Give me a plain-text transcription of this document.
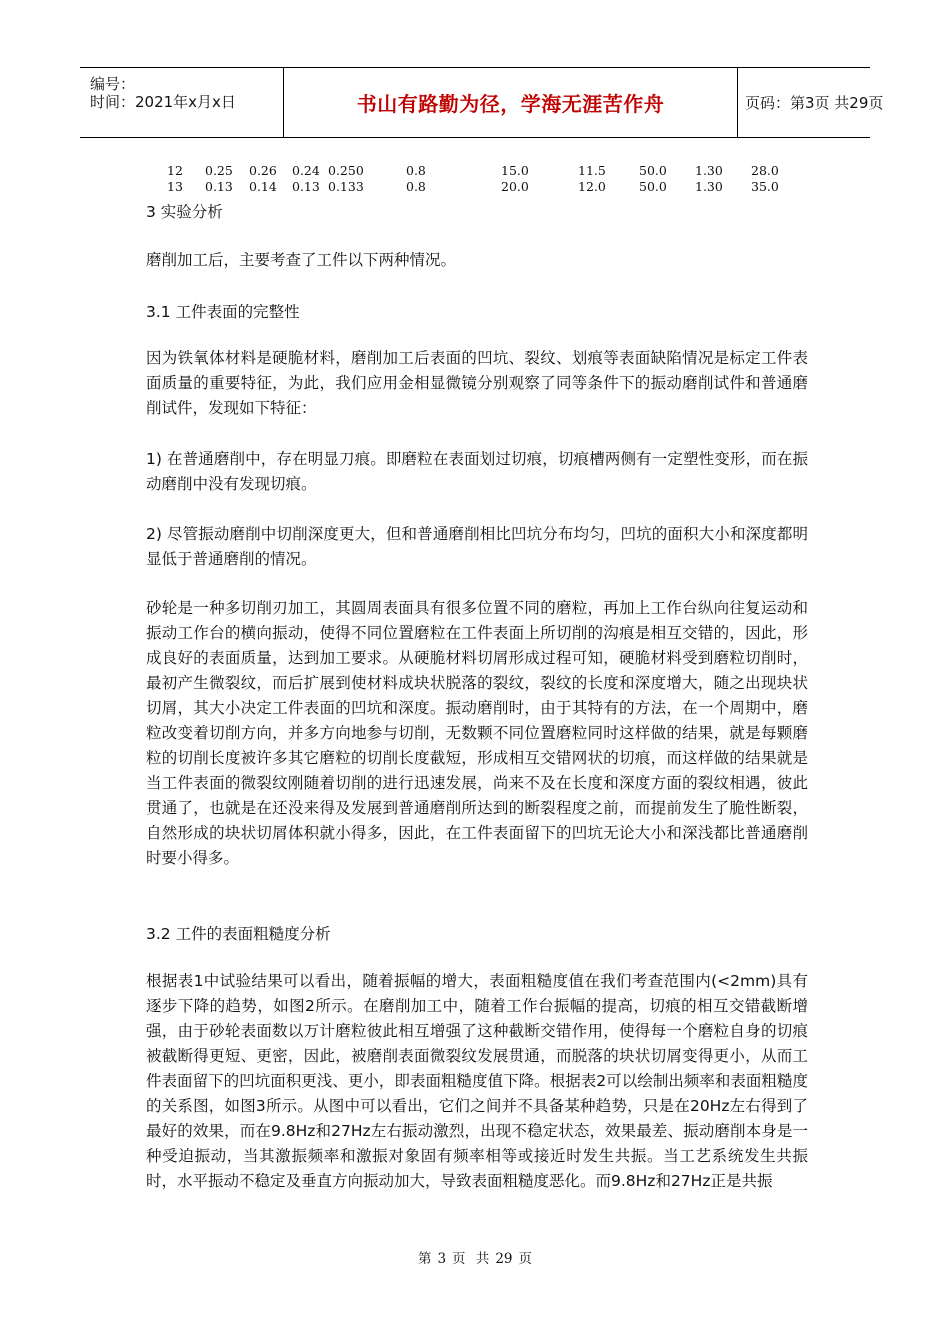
编号：
时间：2021年x月x日	书山有路勤为径，学海无涯苦作舟	页码：第3页 共29页
12 0.25 0.26 0.24 0.250	0.8	15.0	11.5	50.0 1.30 28.0
13 0.13 0.14 0.13 0.133	0.8	20.0	12.0	50.0 1.30 35.0
3 实验分析
磨削加工后，主要考查了工件以下两种情况。
3.1 工件表面的完整性
因为铁氧体材料是硬脆材料，磨削加工后表面的凹坑、裂纹、划痕等表面缺陷情况是标定工件表面质量的重要特征，为此，我们应用金相显微镜分别观察了同等条件下的振动磨削试件和普通磨削试件，发现如下特征：
1) 在普通磨削中，存在明显刀痕。即磨粒在表面划过切痕，切痕槽两侧有一定塑性变形，而在振动磨削中没有发现切痕。
2) 尽管振动磨削中切削深度更大，但和普通磨削相比凹坑分布均匀，凹坑的面积大小和深度都明显低于普通磨削的情况。
砂轮是一种多切削刃加工，其圆周表面具有很多位置不同的磨粒，再加上工作台纵向往复运动和振动工作台的横向振动，使得不同位置磨粒在工件表面上所切削的沟痕是相互交错的，因此，形成良好的表面质量，达到加工要求。从硬脆材料切屑形成过程可知，硬脆材料受到磨粒切削时，最初产生微裂纹，而后扩展到使材料成块状脱落的裂纹，裂纹的长度和深度增大，随之出现块状切屑，其大小决定工件表面的凹坑和深度。振动磨削时，由于其特有的方法，在一个周期中，磨粒改变着切削方向，并多方向地参与切削，无数颗不同位置磨粒同时这样做的结果，就是每颗磨粒的切削长度被许多其它磨粒的切削长度截短，形成相互交错网状的切痕，而这样做的结果就是当工件表面的微裂纹刚随着切削的进行迅速发展，尚来不及在长度和深度方面的裂纹相遇，彼此贯通了，也就是在还没来得及发展到普通磨削所达到的断裂程度之前，而提前发生了脆性断裂，自然形成的块状切屑体积就小得多，因此，在工件表面留下的凹坑无论大小和深浅都比普通磨削时要小得多。
3.2 工件的表面粗糙度分析
根据表1中试验结果可以看出，随着振幅的增大，表面粗糙度值在我们考查范围内(<2mm)具有逐步下降的趋势，如图2所示。在磨削加工中，随着工作台振幅的提高，切痕的相互交错截断增强，由于砂轮表面数以万计磨粒彼此相互增强了这种截断交错作用，使得每一个磨粒自身的切痕被截断得更短、更密，因此，被磨削表面微裂纹发展贯通，而脱落的块状切屑变得更小，从而工件表面留下的凹坑面积更浅、更小，即表面粗糙度值下降。根据表2可以绘制出频率和表面粗糙度的关系图，如图3所示。从图中可以看出，它们之间并不具备某种趋势，只是在20Hz左右得到了最好的效果，而在9.8Hz和27Hz左右振动激烈，出现不稳定状态，效果最差、振动磨削本身是一种受迫振动，当其激振频率和激振对象固有频率相等或接近时发生共振。当工艺系统发生共振时，水平振动不稳定及垂直方向振动加大，导致表面粗糙度恶化。而9.8Hz和27Hz正是共振
第 3 页 共 29 页
